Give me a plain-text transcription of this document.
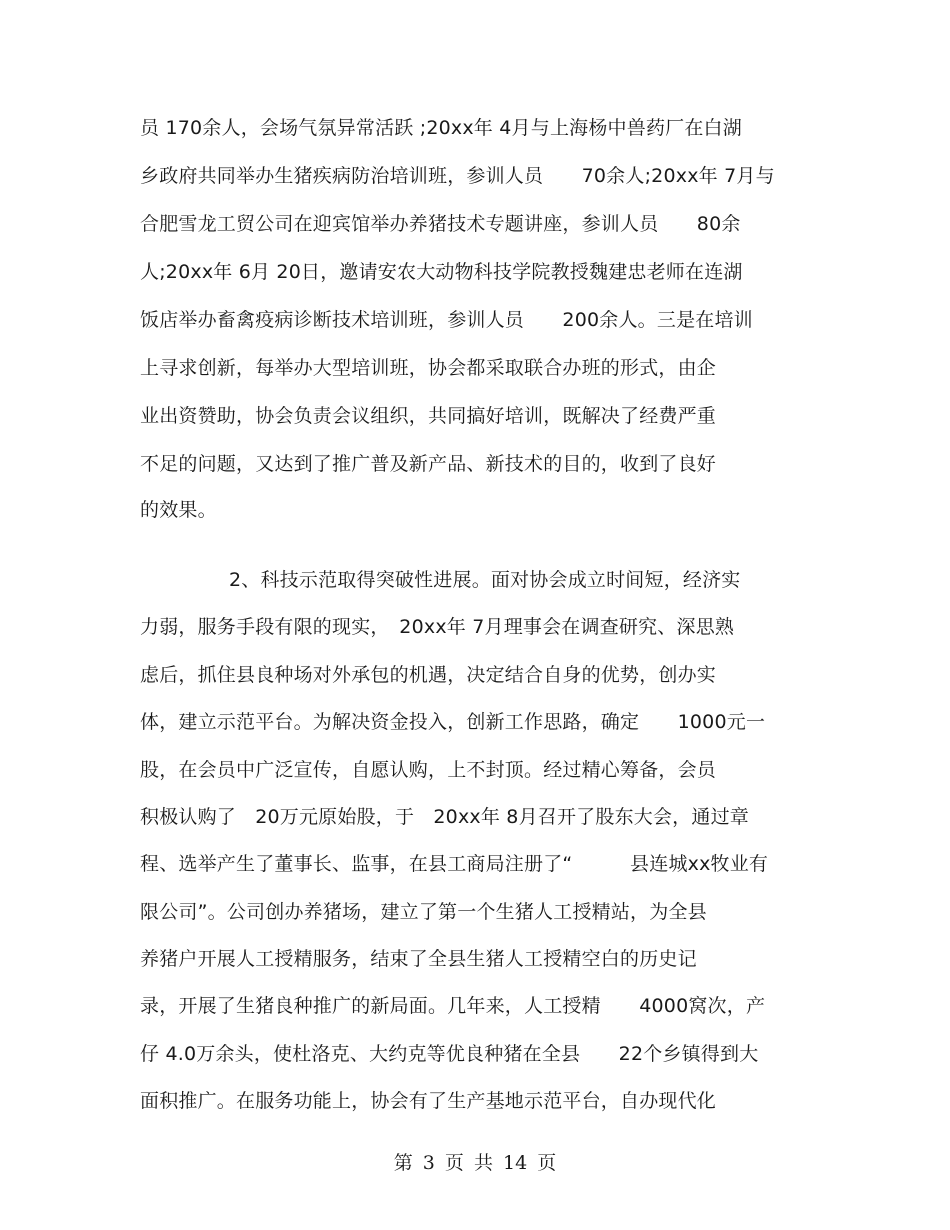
员 170余人，会场气氛异常活跃 ;20xx年 4月与上海杨中兽药厂在白湖
乡政府共同举办生猪疾病防治培训班，参训人员　　70余人;20xx年 7月与
合肥雪龙工贸公司在迎宾馆举办养猪技术专题讲座，参训人员　　80余
人;20xx年 6月 20日，邀请安农大动物科技学院教授魏建忠老师在连湖
饭店举办畜禽疫病诊断技术培训班，参训人员　　200余人。三是在培训
上寻求创新，每举办大型培训班，协会都采取联合办班的形式，由企
业出资赞助，协会负责会议组织，共同搞好培训，既解决了经费严重
不足的问题，又达到了推广普及新产品、新技术的目的，收到了良好
的效果。
2、科技示范取得突破性进展。面对协会成立时间短，经济实
力弱，服务手段有限的现实，　20xx年 7月理事会在调查研究、深思熟
虑后，抓住县良种场对外承包的机遇，决定结合自身的优势，创办实
体，建立示范平台。为解决资金投入，创新工作思路，确定　　1000元一
股，在会员中广泛宣传，自愿认购，上不封顶。经过精心筹备，会员
积极认购了　20万元原始股，于　20xx年 8月召开了股东大会，通过章
程、选举产生了董事长、监事，在县工商局注册了“　　　县连城xx牧业有
限公司”。公司创办养猪场，建立了第一个生猪人工授精站，为全县
养猪户开展人工授精服务，结束了全县生猪人工授精空白的历史记
录，开展了生猪良种推广的新局面。几年来，人工授精　　4000窝次，产
仔 4.0万余头，使杜洛克、大约克等优良种猪在全县　　22个乡镇得到大
面积推广。在服务功能上，协会有了生产基地示范平台，自办现代化
第 3 页 共 14 页
